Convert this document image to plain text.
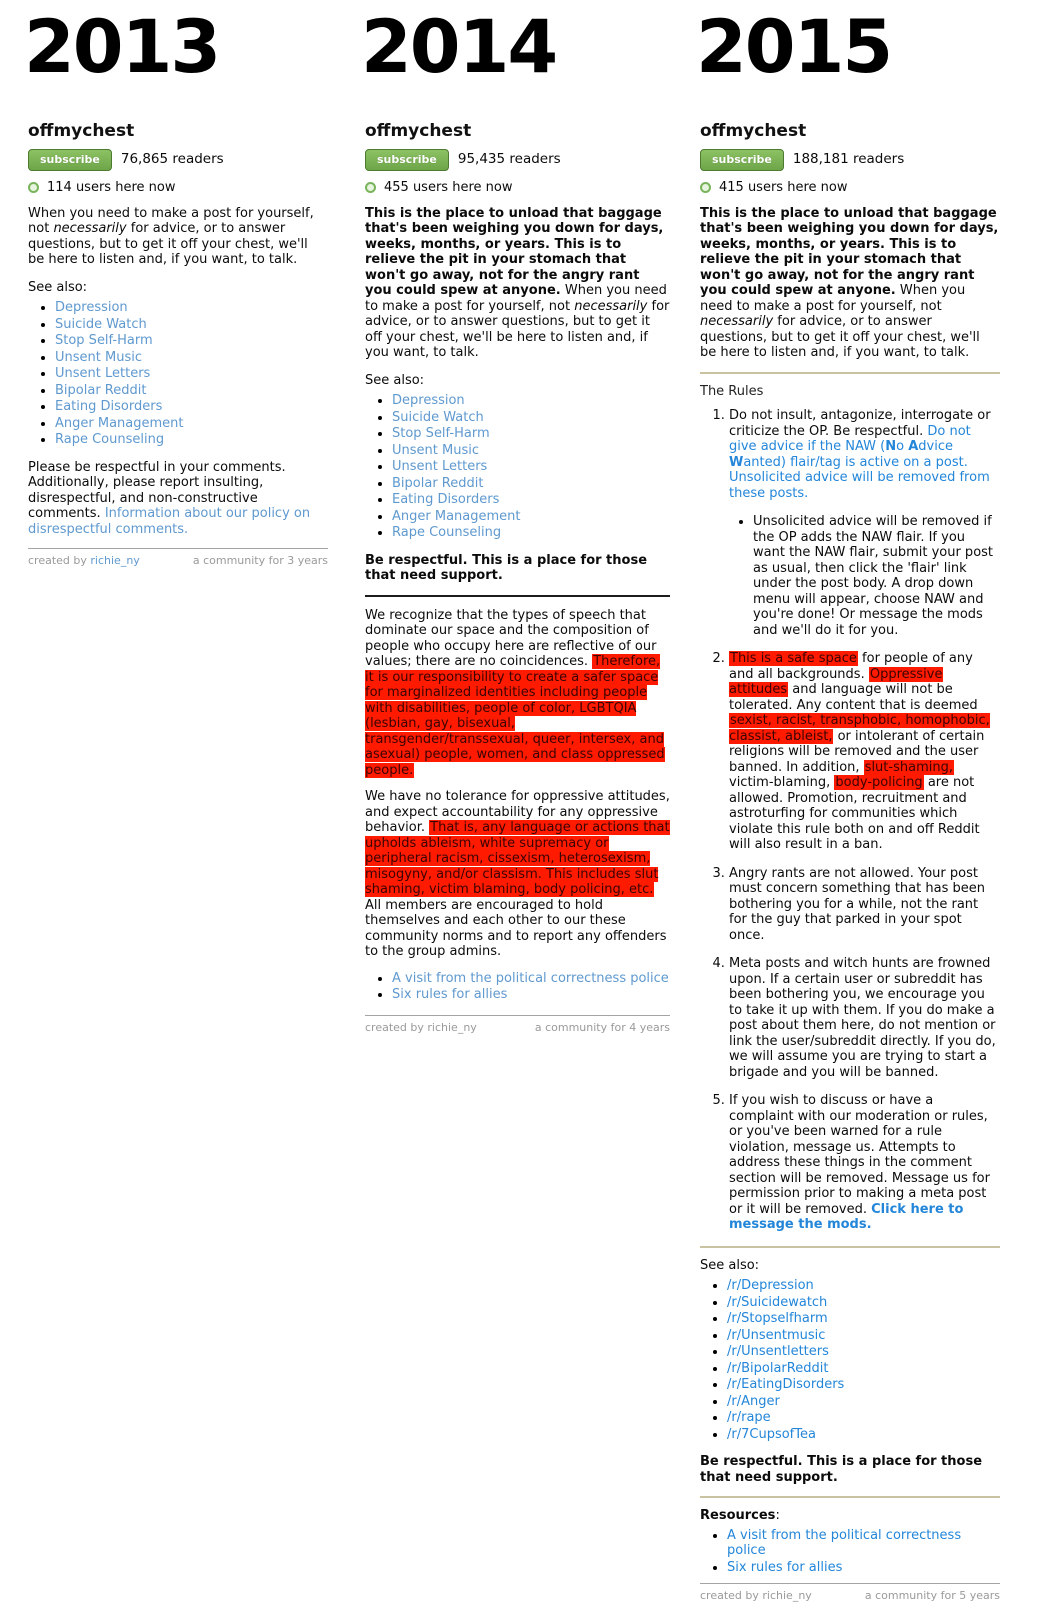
2013
offmychest
subscribe	76,865 readers
114 users here now

When you need to make a post for yourself, not necessarily for advice, or to answer questions, but to get it off your chest, we'll be here to listen and, if you want, to talk.

See also:
• Depression
• Suicide Watch
• Stop Self-Harm
• Unsent Music
• Unsent Letters
• Bipolar Reddit
• Eating Disorders
• Anger Management
• Rape Counseling

Please be respectful in your comments. Additionally, please report insulting, disrespectful, and non-constructive comments. Information about our policy on disrespectful comments.

created by richie_ny	a community for 3 years
2014
offmychest
subscribe	95,435 readers
455 users here now

This is the place to unload that baggage that's been weighing you down for days, weeks, months, or years. This is to relieve the pit in your stomach that won't go away, not for the angry rant you could spew at anyone. When you need to make a post for yourself, not necessarily for advice, or to answer questions, but to get it off your chest, we'll be here to listen and, if you want, to talk.

See also:
• Depression
• Suicide Watch
• Stop Self-Harm
• Unsent Music
• Unsent Letters
• Bipolar Reddit
• Eating Disorders
• Anger Management
• Rape Counseling

Be respectful. This is a place for those that need support.

We recognize that the types of speech that dominate our space and the composition of people who occupy here are reflective of our values; there are no coincidences. Therefore, it is our responsibility to create a safer space for marginalized identities including people with disabilities, people of color, LGBTQIA (lesbian, gay, bisexual, transgender/transsexual, queer, intersex, and asexual) people, women, and class oppressed people.

We have no tolerance for oppressive attitudes, and expect accountability for any oppressive behavior. That is, any language or actions that upholds ableism, white supremacy or peripheral racism, cissexism, heterosexism, misogyny, and/or classism. This includes slut shaming, victim blaming, body policing, etc. All members are encouraged to hold themselves and each other to our these community norms and to report any offenders to the group admins.

• A visit from the political correctness police
• Six rules for allies
created by richie_ny	a community for 4 years
2015
offmychest
subscribe	188,181 readers
415 users here now

This is the place to unload that baggage that's been weighing you down for days, weeks, months, or years. This is to relieve the pit in your stomach that won't go away, not for the angry rant you could spew at anyone. When you need to make a post for yourself, not necessarily for advice, or to answer questions, but to get it off your chest, we'll be here to listen and, if you want, to talk.

The Rules
1. Do not insult, antagonize, interrogate or criticize the OP. Be respectful. Do not give advice if the NAW (No Advice Wanted) flair/tag is active on a post. Unsolicited advice will be removed from these posts.
• Unsolicited advice will be removed if the OP adds the NAW flair. If you want the NAW flair, submit your post as usual, then click the 'flair' link under the post body. A drop down menu will appear, choose NAW and you're done! Or message the mods and we'll do it for you.
2. This is a safe space for people of any and all backgrounds. Oppressive attitudes and language will not be tolerated. Any content that is deemed sexist, racist, transphobic, homophobic, classist, ableist, or intolerant of certain religions will be removed and the user banned. In addition, slut-shaming, victim-blaming, body-policing are not allowed. Promotion, recruitment and astroturfing for communities which violate this rule both on and off Reddit will also result in a ban.
3. Angry rants are not allowed. Your post must concern something that has been bothering you for a while, not the rant for the guy that parked in your spot once.
4. Meta posts and witch hunts are frowned upon. If a certain user or subreddit has been bothering you, we encourage you to take it up with them. If you do make a post about them here, do not mention or link the user/subreddit directly. If you do, we will assume you are trying to start a brigade and you will be banned.
5. If you wish to discuss or have a complaint with our moderation or rules, or you've been warned for a rule violation, message us. Attempts to address these things in the comment section will be removed. Message us for permission prior to making a meta post or it will be removed. Click here to message the mods.
See also:
• /r/Depression
• /r/Suicidewatch
• /r/Stopselfharm
• /r/Unsentmusic
• /r/Unsentletters
• /r/BipolarReddit
• /r/EatingDisorders
• /r/Anger
• /r/rape
• /r/7CupsofTea

Be respectful. This is a place for those that need support.

Resources:

• A visit from the political correctness police
• Six rules for allies
created by richie_ny	a community for 5 years
